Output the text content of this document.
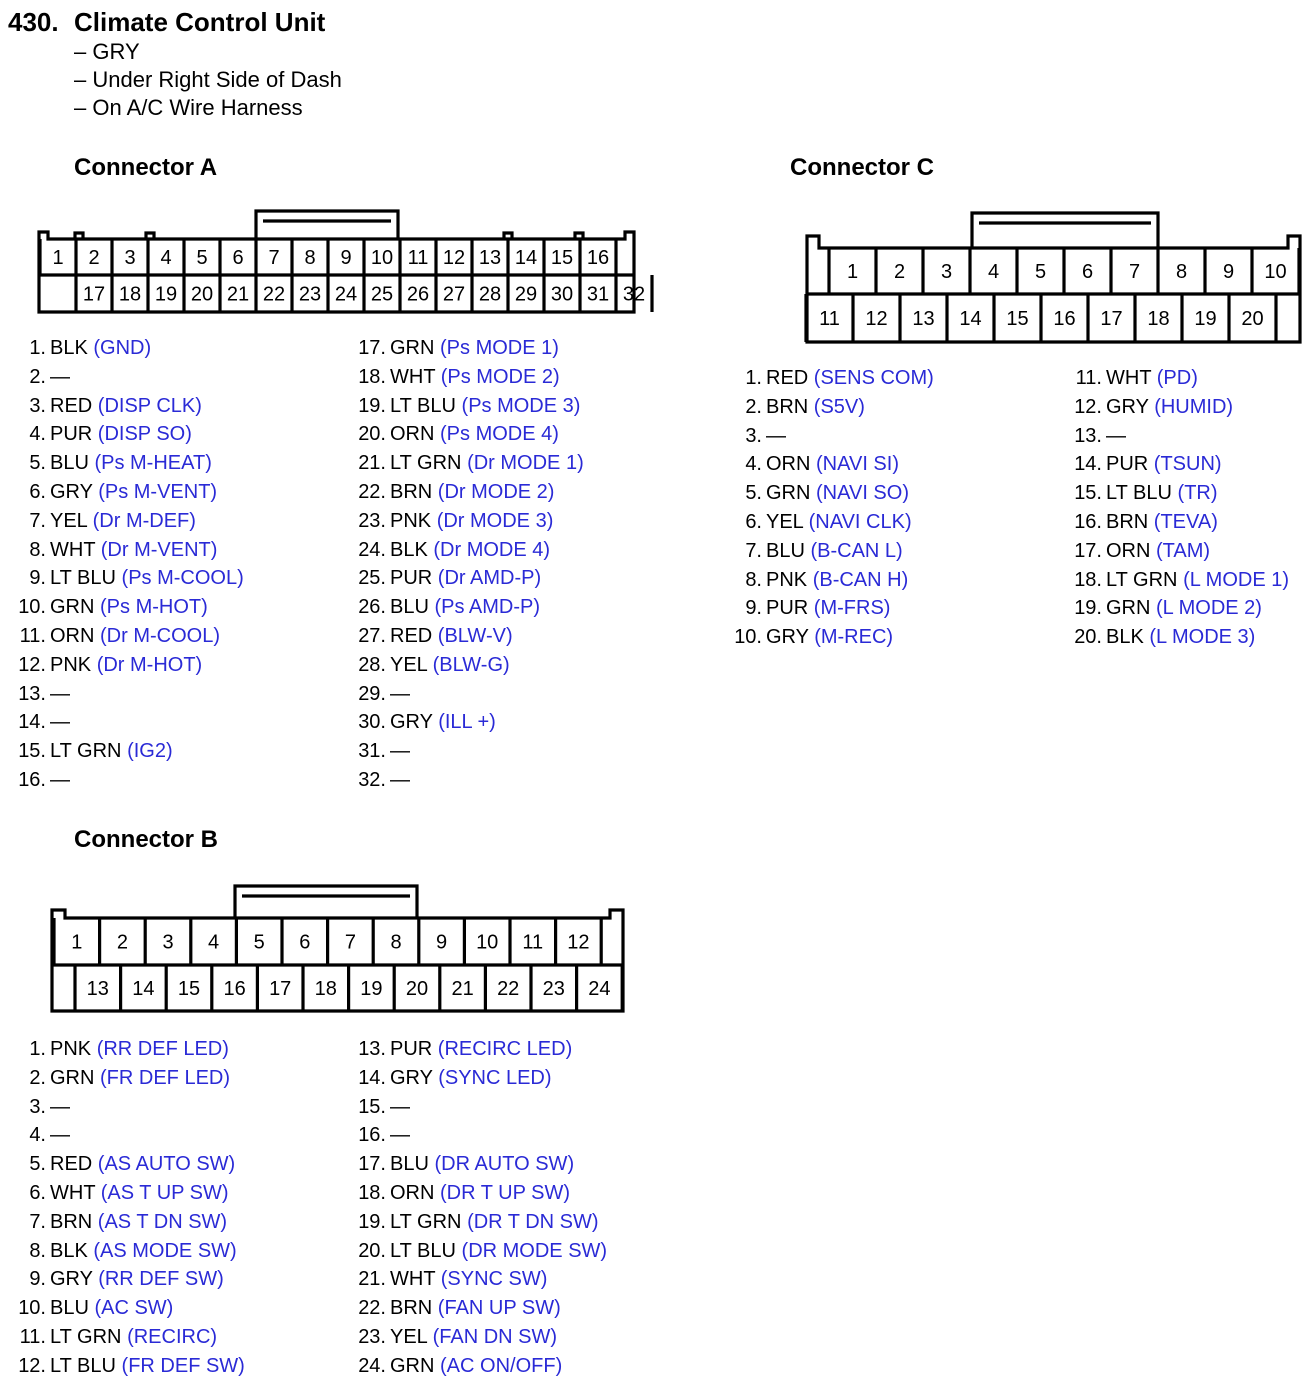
430. Climate Control Unit
– GRY
– Under Right Side of Dash
– On A/C Wire Harness
Connector A
1 2 3 4 5 6 7 8 9 10 11 12 13 14 15 16
17 18 19 20 21 22 23 24 25 26 27 28 29 30 31 32
1. BLK (GND)
2. —
3. RED (DISP CLK)
4. PUR (DISP SO)
5. BLU (Ps M-HEAT)
6. GRY (Ps M-VENT)
7. YEL (Dr M-DEF)
8. WHT (Dr M-VENT)
9. LT BLU (Ps M-COOL)
10. GRN (Ps M-HOT)
11. ORN (Dr M-COOL)
12. PNK (Dr M-HOT)
13. —
14. —
15. LT GRN (IG2)
16. —
17. GRN (Ps MODE 1)
18. WHT (Ps MODE 2)
19. LT BLU (Ps MODE 3)
20. ORN (Ps MODE 4)
21. LT GRN (Dr MODE 1)
22. BRN (Dr MODE 2)
23. PNK (Dr MODE 3)
24. BLK (Dr MODE 4)
25. PUR (Dr AMD-P)
26. BLU (Ps AMD-P)
27. RED (BLW-V)
28. YEL (BLW-G)
29. —
30. GRY (ILL +)
31. —
32. —
Connector C
1 2 3 4 5 6 7 8 9 10
11 12 13 14 15 16 17 18 19 20
1. RED (SENS COM)
2. BRN (S5V)
3. —
4. ORN (NAVI SI)
5. GRN (NAVI SO)
6. YEL (NAVI CLK)
7. BLU (B-CAN L)
8. PNK (B-CAN H)
9. PUR (M-FRS)
10. GRY (M-REC)
11. WHT (PD)
12. GRY (HUMID)
13. —
14. PUR (TSUN)
15. LT BLU (TR)
16. BRN (TEVA)
17. ORN (TAM)
18. LT GRN (L MODE 1)
19. GRN (L MODE 2)
20. BLK (L MODE 3)
Connector B
1 2 3 4 5 6 7 8 9 10 11 12
13 14 15 16 17 18 19 20 21 22 23 24
1. PNK (RR DEF LED)
2. GRN (FR DEF LED)
3. —
4. —
5. RED (AS AUTO SW)
6. WHT (AS T UP SW)
7. BRN (AS T DN SW)
8. BLK (AS MODE SW)
9. GRY (RR DEF SW)
10. BLU (AC SW)
11. LT GRN (RECIRC)
12. LT BLU (FR DEF SW)
13. PUR (RECIRC LED)
14. GRY (SYNC LED)
15. —
16. —
17. BLU (DR AUTO SW)
18. ORN (DR T UP SW)
19. LT GRN (DR T DN SW)
20. LT BLU (DR MODE SW)
21. WHT (SYNC SW)
22. BRN (FAN UP SW)
23. YEL (FAN DN SW)
24. GRN (AC ON/OFF)
